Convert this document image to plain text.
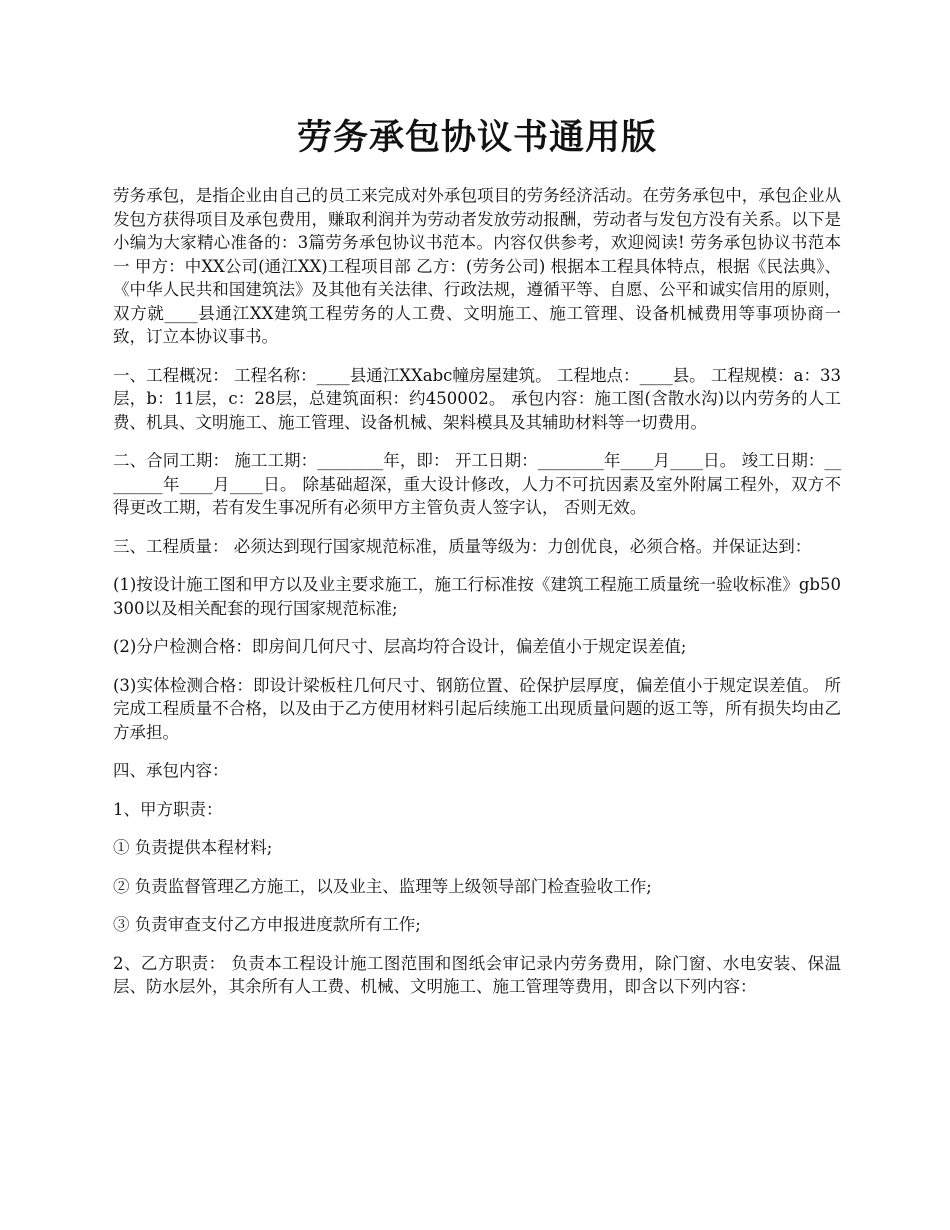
劳务承包协议书通用版

劳务承包，是指企业由自己的员工来完成对外承包项目的劳务经济活动。在劳务承包中，承包企业从发包方获得项目及承包费用，赚取利润并为劳动者发放劳动报酬，劳动者与发包方没有关系。以下是小编为大家精心准备的：3篇劳务承包协议书范本。内容仅供参考，欢迎阅读! 劳务承包协议书范本一 甲方：中XX公司(通江XX)工程项目部 乙方：(劳务公司) 根据本工程具体特点，根据《民法典》、《中华人民共和国建筑法》及其他有关法律、行政法规，遵循平等、自愿、公平和诚实信用的原则，双方就____县通江XX建筑工程劳务的人工费、文明施工、施工管理、设备机械费用等事项协商一致，订立本协议事书。

一、工程概况： 工程名称：____县通江XXabc幢房屋建筑。 工程地点：____县。 工程规模：a：33层，b：11层，c：28层，总建筑面积：约450002。 承包内容：施工图(含散水沟)以内劳务的人工费、机具、文明施工、施工管理、设备机械、架料模具及其辅助材料等一切费用。

二、合同工期： 施工工期：________年，即： 开工日期：________年____月____日。 竣工日期：________年____月____日。 除基础超深，重大设计修改，人力不可抗因素及室外附属工程外，双方不得更改工期，若有发生事况所有必须甲方主管负责人签字认， 否则无效。

三、工程质量： 必须达到现行国家规范标准，质量等级为：力创优良，必须合格。并保证达到：

(1)按设计施工图和甲方以及业主要求施工，施工行标准按《建筑工程施工质量统一验收标准》gb50300以及相关配套的现行国家规范标准;

(2)分户检测合格：即房间几何尺寸、层高均符合设计，偏差值小于规定误差值;

(3)实体检测合格：即设计梁板柱几何尺寸、钢筋位置、砼保护层厚度，偏差值小于规定误差值。 所完成工程质量不合格，以及由于乙方使用材料引起后续施工出现质量问题的返工等，所有损失均由乙方承担。

四、承包内容：

1、甲方职责：

① 负责提供本程材料;

② 负责监督管理乙方施工，以及业主、监理等上级领导部门检查验收工作;

③ 负责审查支付乙方申报进度款所有工作;

2、乙方职责： 负责本工程设计施工图范围和图纸会审记录内劳务费用，除门窗、水电安装、保温层、防水层外，其余所有人工费、机械、文明施工、施工管理等费用，即含以下列内容：
